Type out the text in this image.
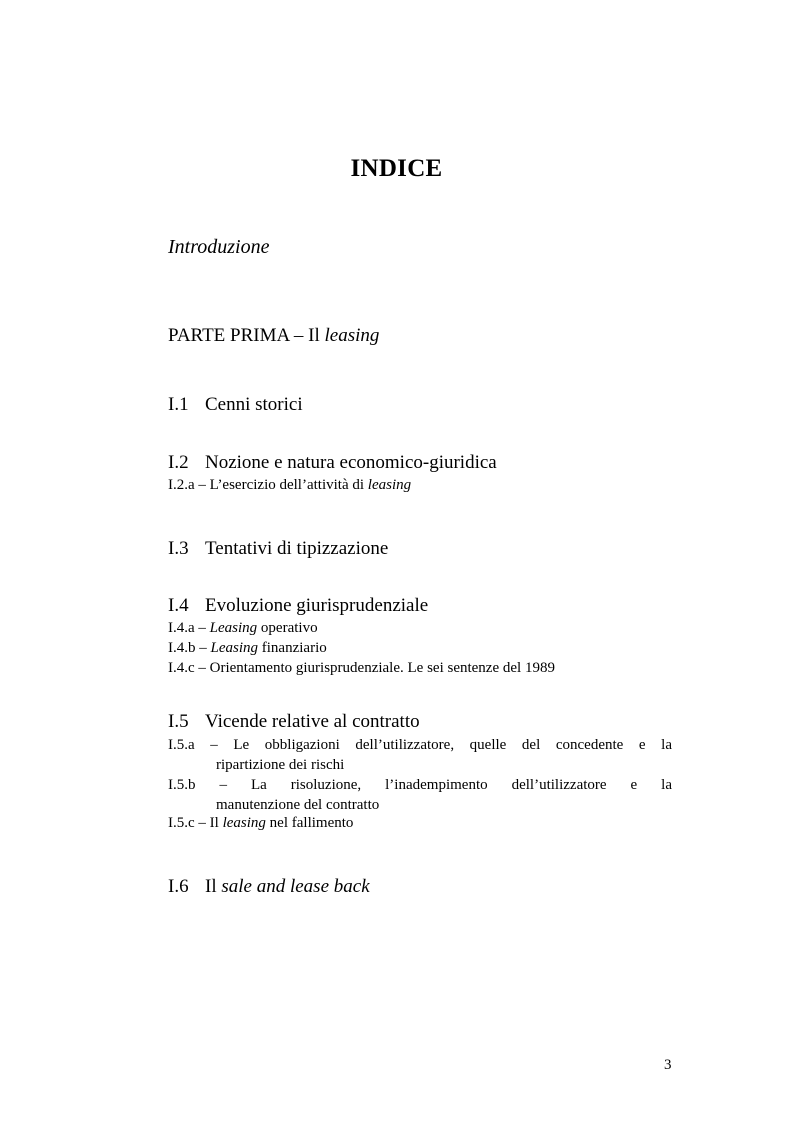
INDICE
Introduzione
PARTE PRIMA – Il leasing
I.1 Cenni storici
I.2 Nozione e natura economico-giuridica
I.2.a – L’esercizio dell’attività di leasing
I.3 Tentativi di tipizzazione
I.4 Evoluzione giurisprudenziale
I.4.a – Leasing operativo
I.4.b – Leasing finanziario
I.4.c – Orientamento giurisprudenziale. Le sei sentenze del 1989
I.5 Vicende relative al contratto
I.5.a – Le obbligazioni dell’utilizzatore, quelle del concedente e la
ripartizione dei rischi
I.5.b – La risoluzione, l’inadempimento dell’utilizzatore e la
manutenzione del contratto
I.5.c – Il leasing nel fallimento
I.6 Il sale and lease back
3
